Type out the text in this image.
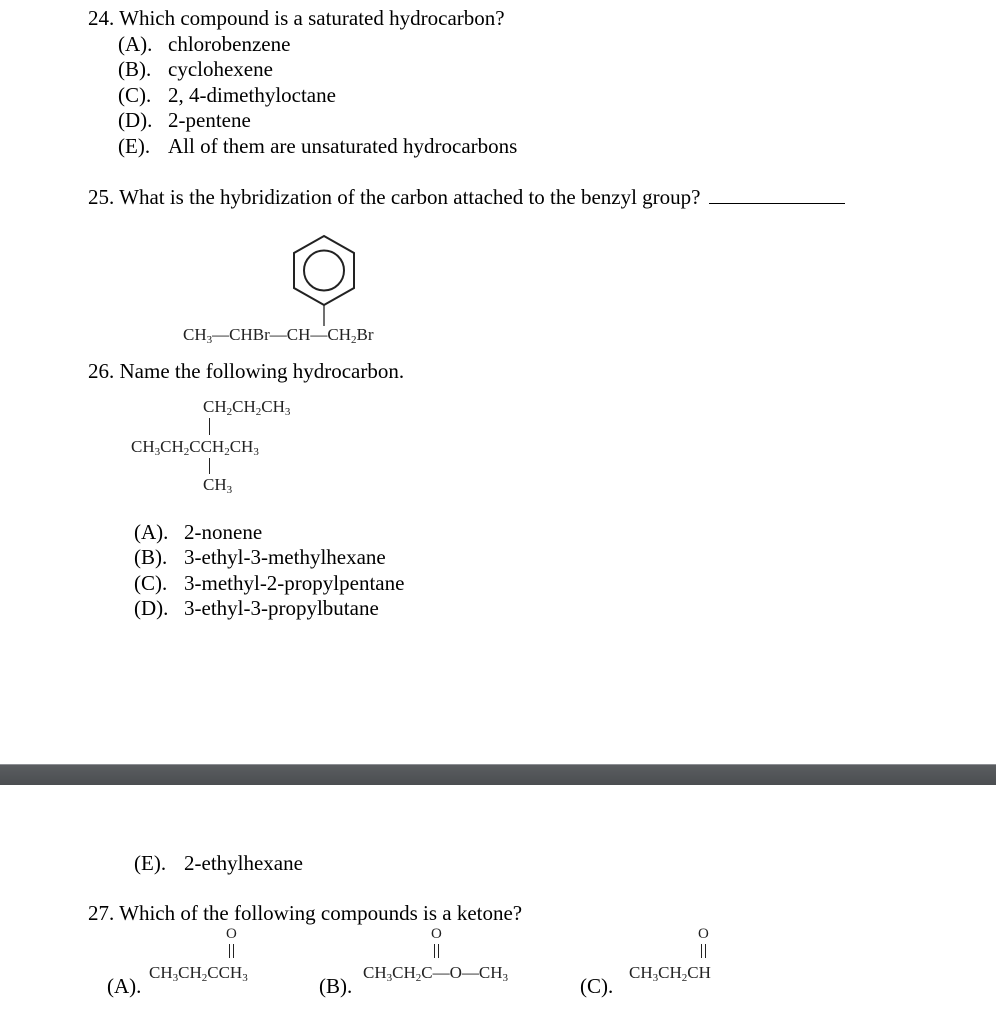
24. Which compound is a saturated hydrocarbon?
(A). chlorobenzene
(B). cyclohexene
(C). 2, 4-dimethyloctane
(D). 2-pentene
(E). All of them are unsaturated hydrocarbons
25. What is the hybridization of the carbon attached to the benzyl group?
$CH_3—CHBr—CH—CH_2Br$
26. Name the following hydrocarbon.
$CH_2CH_2CH_3$
$CH_3CH_2CCH_2CH_3$
$CH_3$
(A). 2-nonene
(B). 3-ethyl-3-methylhexane
(C). 3-methyl-2-propylpentane
(D). 3-ethyl-3-propylbutane
(E). 2-ethylhexane
27. Which of the following compounds is a ketone?
(A).
O
$CH_3CH_2CCH_3$	(B).
O
$CH_3CH_2C—O—CH_3$	(C).
O
$CH_3CH_2CH$
